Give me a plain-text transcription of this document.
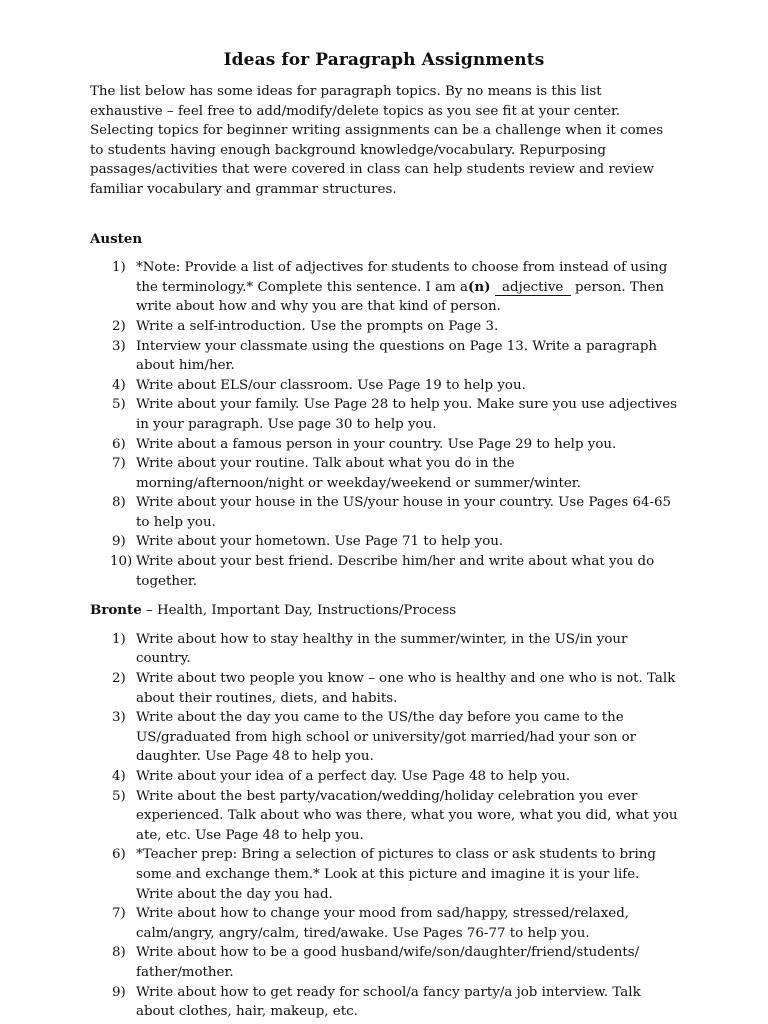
Ideas for Paragraph Assignments

The list below has some ideas for paragraph topics. By no means is this list exhaustive – feel free to add/modify/delete topics as you see fit at your center. Selecting topics for beginner writing assignments can be a challenge when it comes to students having enough background knowledge/vocabulary. Repurposing passages/activities that were covered in class can help students review and review familiar vocabulary and grammar structures.

Austen

1) *Note: Provide a list of adjectives for students to choose from instead of using the terminology.* Complete this sentence. I am a(n) adjective person. Then write about how and why you are that kind of person.
2) Write a self-introduction. Use the prompts on Page 3.
3) Interview your classmate using the questions on Page 13. Write a paragraph about him/her.
4) Write about ELS/our classroom. Use Page 19 to help you.
5) Write about your family. Use Page 28 to help you. Make sure you use adjectives in your paragraph. Use page 30 to help you.
6) Write about a famous person in your country. Use Page 29 to help you.
7) Write about your routine. Talk about what you do in the morning/afternoon/night or weekday/weekend or summer/winter.
8) Write about your house in the US/your house in your country. Use Pages 64-65 to help you.
9) Write about your hometown. Use Page 71 to help you.
10) Write about your best friend. Describe him/her and write about what you do together.

Bronte – Health, Important Day, Instructions/Process

1) Write about how to stay healthy in the summer/winter, in the US/in your country.
2) Write about two people you know – one who is healthy and one who is not. Talk about their routines, diets, and habits.
3) Write about the day you came to the US/the day before you came to the US/graduated from high school or university/got married/had your son or daughter. Use Page 48 to help you.
4) Write about your idea of a perfect day. Use Page 48 to help you.
5) Write about the best party/vacation/wedding/holiday celebration you ever experienced. Talk about who was there, what you wore, what you did, what you ate, etc. Use Page 48 to help you.
6) *Teacher prep: Bring a selection of pictures to class or ask students to bring some and exchange them.* Look at this picture and imagine it is your life. Write about the day you had.
7) Write about how to change your mood from sad/happy, stressed/relaxed, calm/angry, angry/calm, tired/awake. Use Pages 76-77 to help you.
8) Write about how to be a good husband/wife/son/daughter/friend/students/ father/mother.
9) Write about how to get ready for school/a fancy party/a job interview. Talk about clothes, hair, makeup, etc.
